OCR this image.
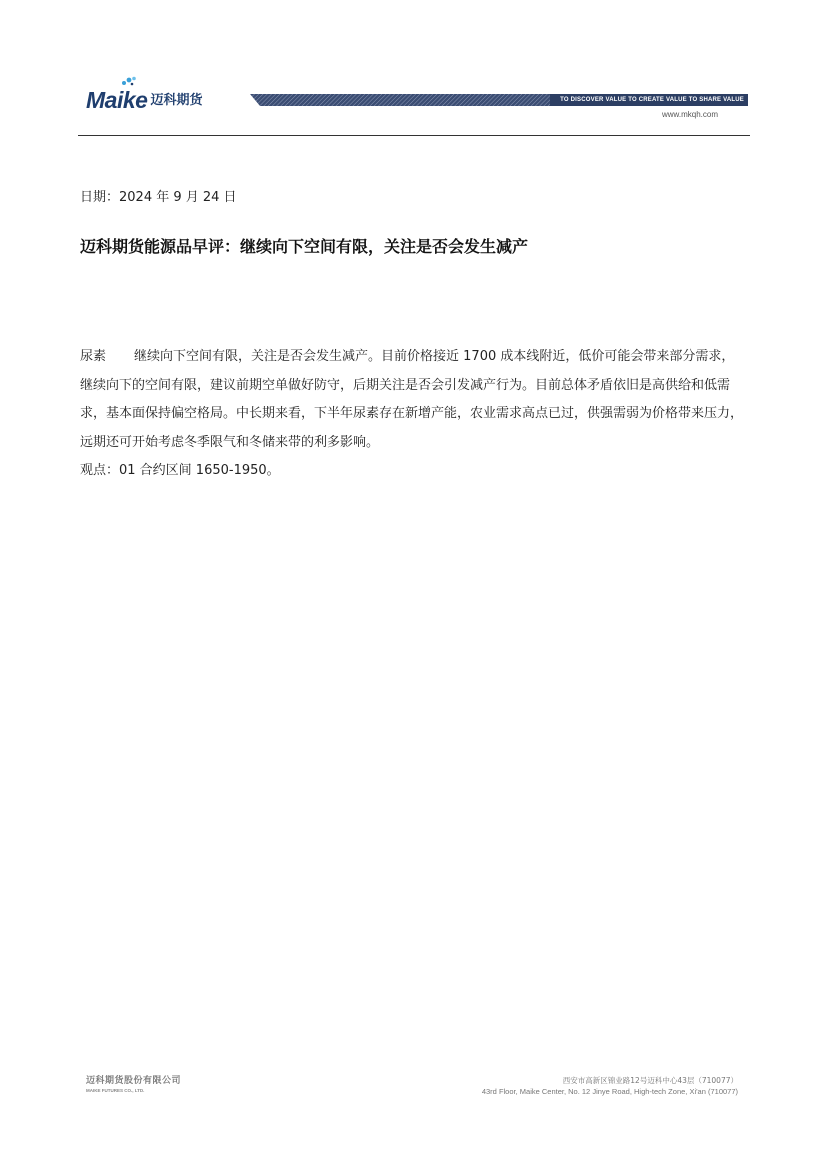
Maike 迈科期货	TO DISCOVER VALUE TO CREATE VALUE TO SHARE VALUE
www.mkqh.com
日期：2024 年 9 月 24 日
迈科期货能源品早评：继续向下空间有限，关注是否会发生减产

尿素 继续向下空间有限，关注是否会发生减产。目前价格接近 1700 成本线附近，低价可能会带来部分需求，继续向下的空间有限，建议前期空单做好防守，后期关注是否会引发减产行为。目前总体矛盾依旧是高供给和低需求，基本面保持偏空格局。中长期来看，下半年尿素存在新增产能，农业需求高点已过，供强需弱为价格带来压力，远期还可开始考虑冬季限气和冬储来带的利多影响。

观点：01 合约区间 1650-1950。

迈科期货股份有限公司
MAIKE FUTURES CO., LTD.
西安市高新区锦业路12号迈科中心43层（710077）
43rd Floor, Maike Center, No. 12 Jinye Road, High-tech Zone, Xi'an (710077)
